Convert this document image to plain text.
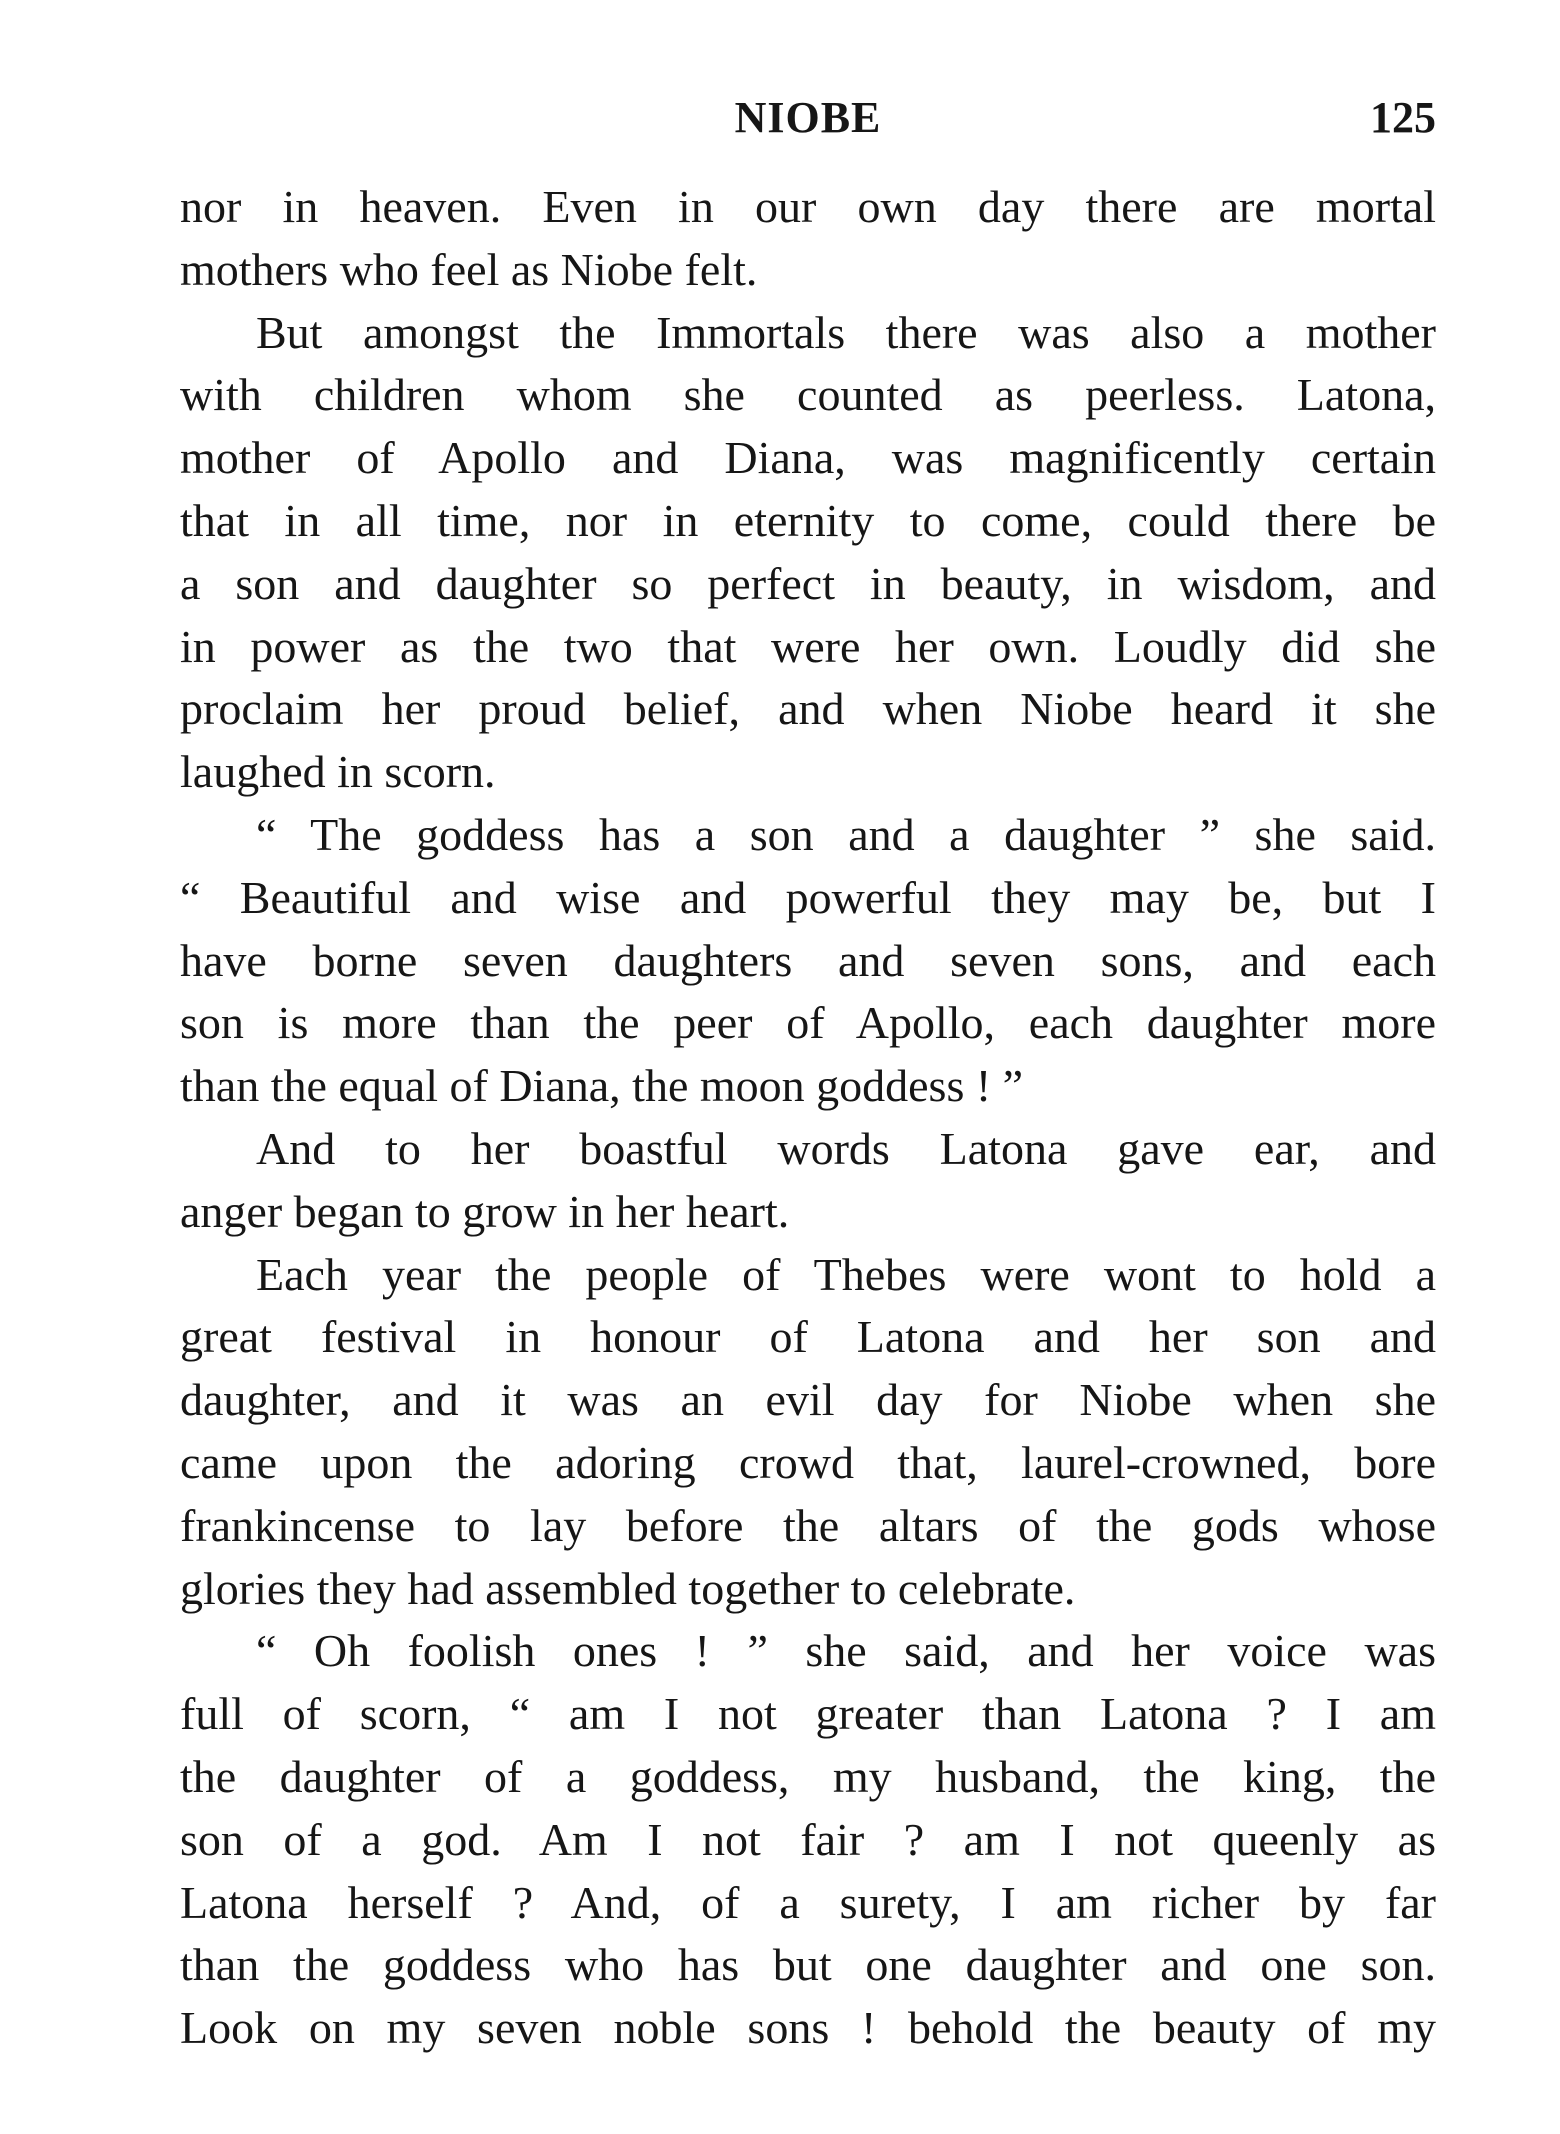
NIOBE	125
nor in heaven. Even in our own day there are mortal
mothers who feel as Niobe felt.
But amongst the Immortals there was also a mother
with children whom she counted as peerless. Latona,
mother of Apollo and Diana, was magnificently certain
that in all time, nor in eternity to come, could there be
a son and daughter so perfect in beauty, in wisdom, and
in power as the two that were her own. Loudly did she
proclaim her proud belief, and when Niobe heard it she
laughed in scorn.
“ The goddess has a son and a daughter ” she said.
“ Beautiful and wise and powerful they may be, but I
have borne seven daughters and seven sons, and each
son is more than the peer of Apollo, each daughter more
than the equal of Diana, the moon goddess ! ”
And to her boastful words Latona gave ear, and
anger began to grow in her heart.
Each year the people of Thebes were wont to hold a
great festival in honour of Latona and her son and
daughter, and it was an evil day for Niobe when she
came upon the adoring crowd that, laurel-crowned, bore
frankincense to lay before the altars of the gods whose
glories they had assembled together to celebrate.
“ Oh foolish ones ! ” she said, and her voice was
full of scorn, “ am I not greater than Latona ? I am
the daughter of a goddess, my husband, the king, the
son of a god. Am I not fair ? am I not queenly as
Latona herself ? And, of a surety, I am richer by far
than the goddess who has but one daughter and one son.
Look on my seven noble sons ! behold the beauty of my
